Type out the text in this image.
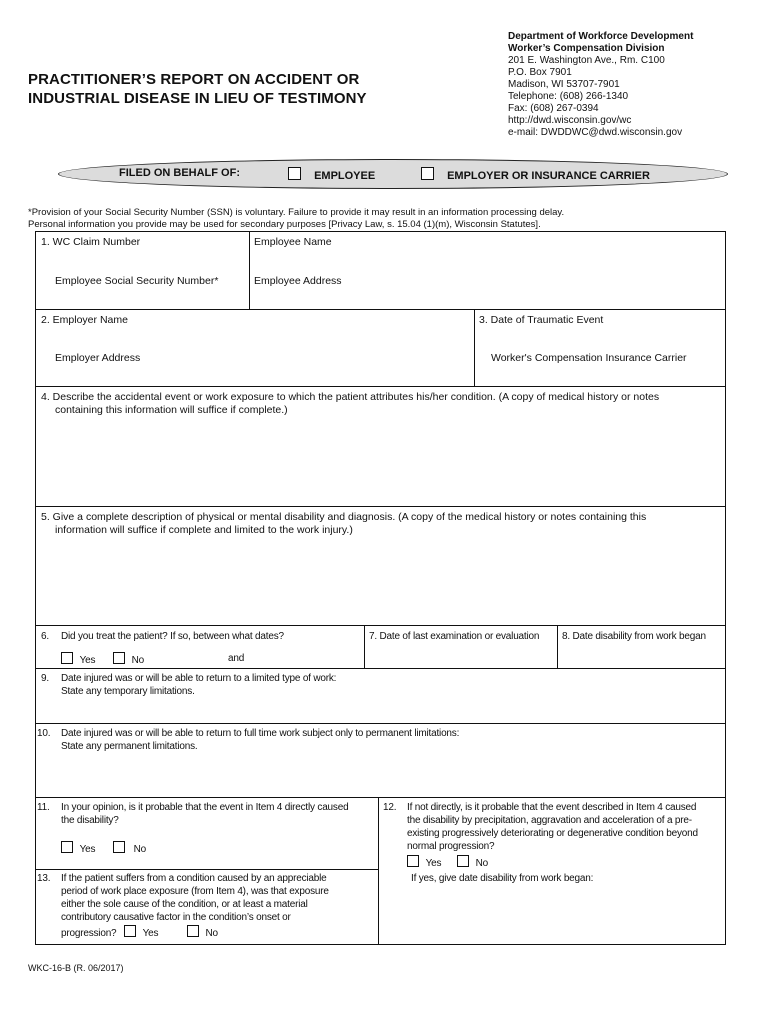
PRACTITIONER’S REPORT ON ACCIDENT OR
INDUSTRIAL DISEASE IN LIEU OF TESTIMONY
Department of Workforce Development
Worker’s Compensation Division
201 E. Washington Ave., Rm. C100
P.O. Box 7901
Madison, WI 53707-7901
Telephone: (608) 266-1340
Fax: (608) 267-0394
http://dwd.wisconsin.gov/wc
e-mail: DWDDWC@dwd.wisconsin.gov
FILED ON BEHALF OF:	EMPLOYEE	EMPLOYER OR INSURANCE CARRIER
*Provision of your Social Security Number (SSN) is voluntary. Failure to provide it may result in an information processing delay.
Personal information you provide may be used for secondary purposes [Privacy Law, s. 15.04 (1)(m), Wisconsin Statutes].
1. WC Claim Number	Employee Name
Employee Social Security Number*	Employee Address
2. Employer Name	3. Date of Traumatic Event
Employer Address	Worker's Compensation Insurance Carrier
4. Describe the accidental event or work exposure to which the patient attributes his/her condition. (A copy of medical history or notes
containing this information will suffice if complete.)
5. Give a complete description of physical or mental disability and diagnosis. (A copy of the medical history or notes containing this
information will suffice if complete and limited to the work injury.)
6. Did you treat the patient? If so, between what dates?
Yes	No	and
7. Date of last examination or evaluation 8. Date disability from work began
9. Date injured was or will be able to return to a limited type of work:
State any temporary limitations.
10. Date injured was or will be able to return to full time work subject only to permanent limitations:
State any permanent limitations.
11. In your opinion, is it probable that the event in Item 4 directly caused
the disability?
Yes	No
12. If not directly, is it probable that the event described in Item 4 caused
the disability by precipitation, aggravation and acceleration of a pre-
existing progressively deteriorating or degenerative condition beyond
normal progression?
Yes	No
If yes, give date disability from work began:
13. If the patient suffers from a condition caused by an appreciable
period of work place exposure (from Item 4), was that exposure
either the sole cause of the condition, or at least a material
contributory causative factor in the condition’s onset or
progression?	Yes	No
WKC-16-B (R. 06/2017)
